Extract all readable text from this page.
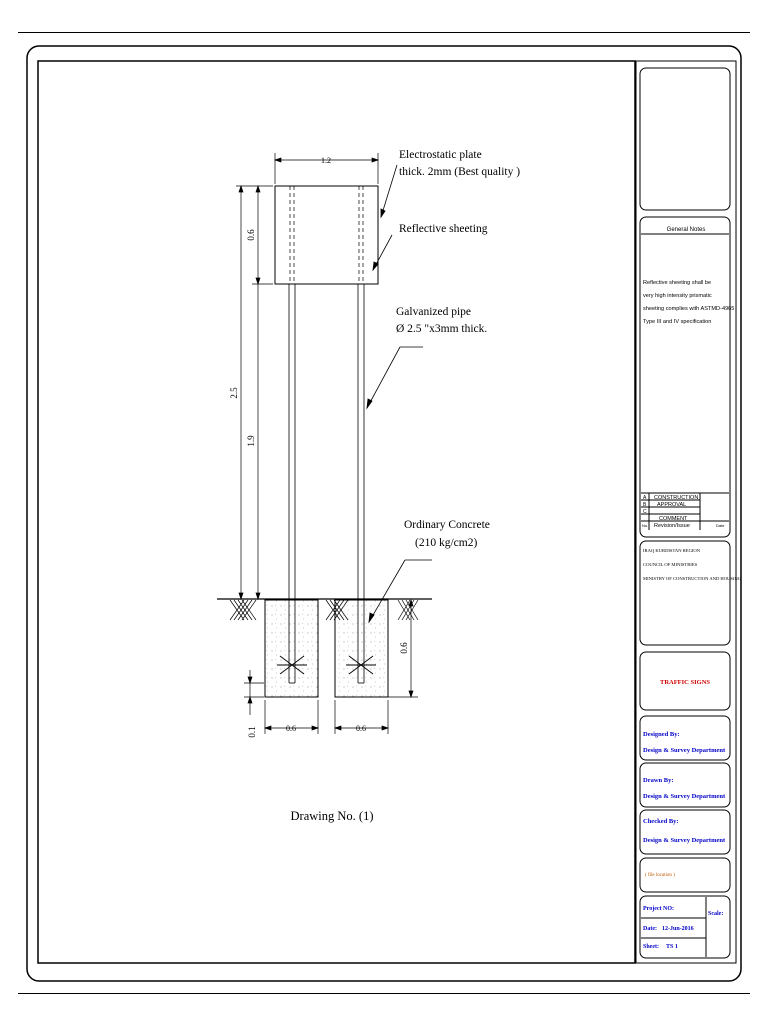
Electrostatic plate
thick. 2mm (Best quality )
Reflective sheeting
Galvanized pipe
Ø 2.5 "x3mm thick.
Ordinary Concrete
(210 kg/cm2)
1.2
2.5
0.6
1.9
0.6
0.1	0.6	0.6
Drawing No. (1)
General Notes
Reflective sheeting shall be
very high intensity prismatic
sheeting complies with ASTMD-4965
Type III and IV specification
A CONSTRUCTION
B APPROVAL
C
COMMENT
No. Revision/Issue	Date
IRAQ KURDISTAN REGION
COUNCIL OF MINISTRIES
MINISTRY OF CONSTRUCTION AND HOUSING
TRAFFIC SIGNS
Designed By:
Design & Survey Department
Drawn By:
Design & Survey Department
Checked By:
Design & Survey Department
( file location )
Project NO:
Scale:
Date: 12-Jun-2016
Sheet: TS 1
